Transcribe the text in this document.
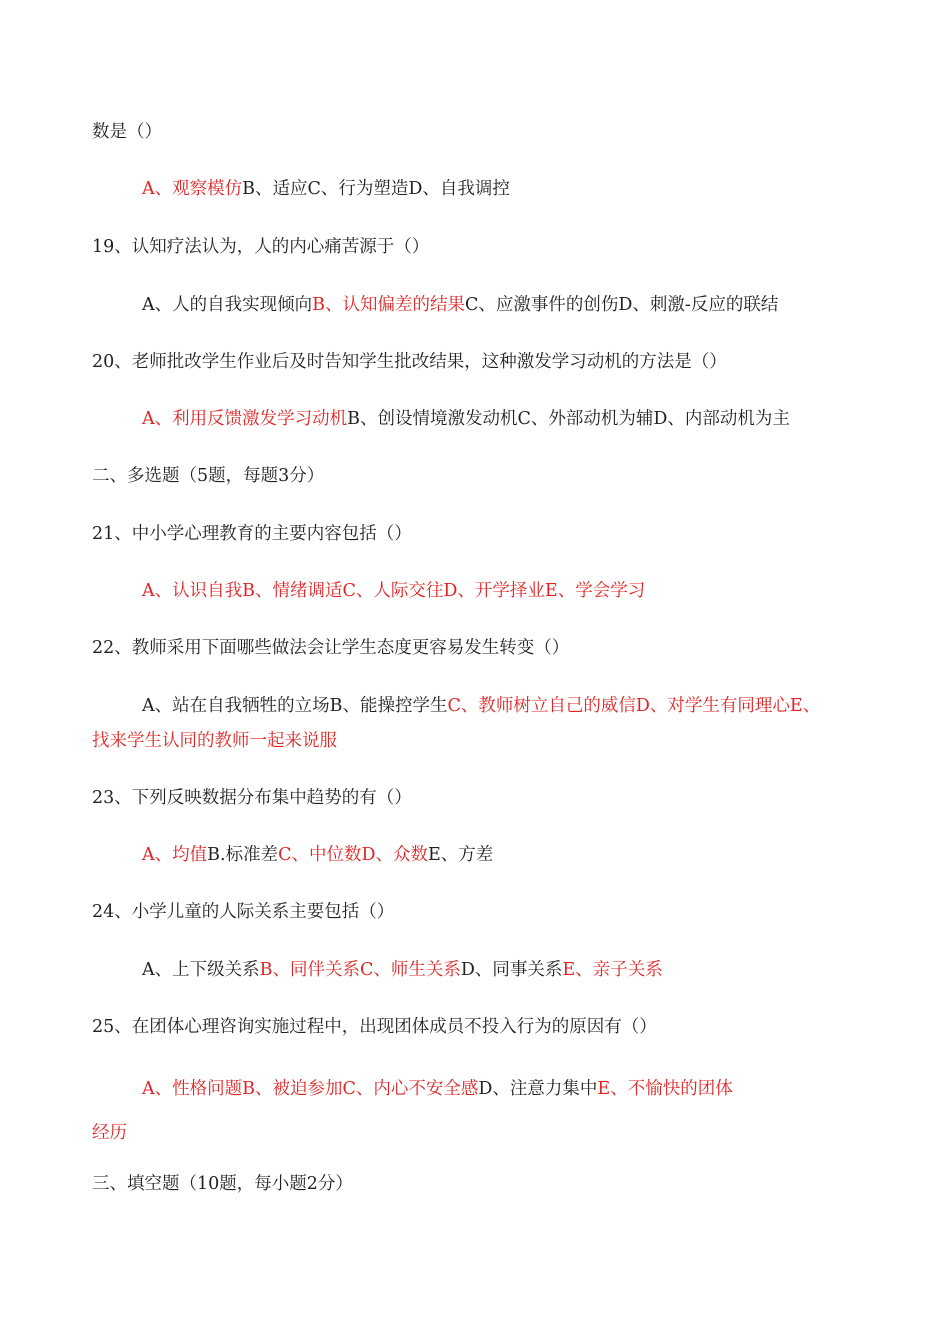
数是（）
A、观察模仿B、适应C、行为塑造D、自我调控
19、认知疗法认为，人的内心痛苦源于（）
A、人的自我实现倾向B、认知偏差的结果C、应激事件的创伤D、刺激-反应的联结
20、老师批改学生作业后及时告知学生批改结果，这种激发学习动机的方法是（）
A、利用反馈激发学习动机B、创设情境激发动机C、外部动机为辅D、内部动机为主
二、多选题（5题，每题3分）
21、中小学心理教育的主要内容包括（）
A、认识自我B、情绪调适C、人际交往D、开学择业E、学会学习
22、教师采用下面哪些做法会让学生态度更容易发生转变（）
A、站在自我牺牲的立场B、能操控学生C、教师树立自己的威信D、对学生有同理心E、
找来学生认同的教师一起来说服
23、下列反映数据分布集中趋势的有（）
A、均值B.标准差C、中位数D、众数E、方差
24、小学儿童的人际关系主要包括（）
A、上下级关系B、同伴关系C、师生关系D、同事关系E、亲子关系
25、在团体心理咨询实施过程中，出现团体成员不投入行为的原因有（）
A、性格问题B、被迫参加C、内心不安全感D、注意力集中E、不愉快的团体
经历
三、填空题（10题，每小题2分）
